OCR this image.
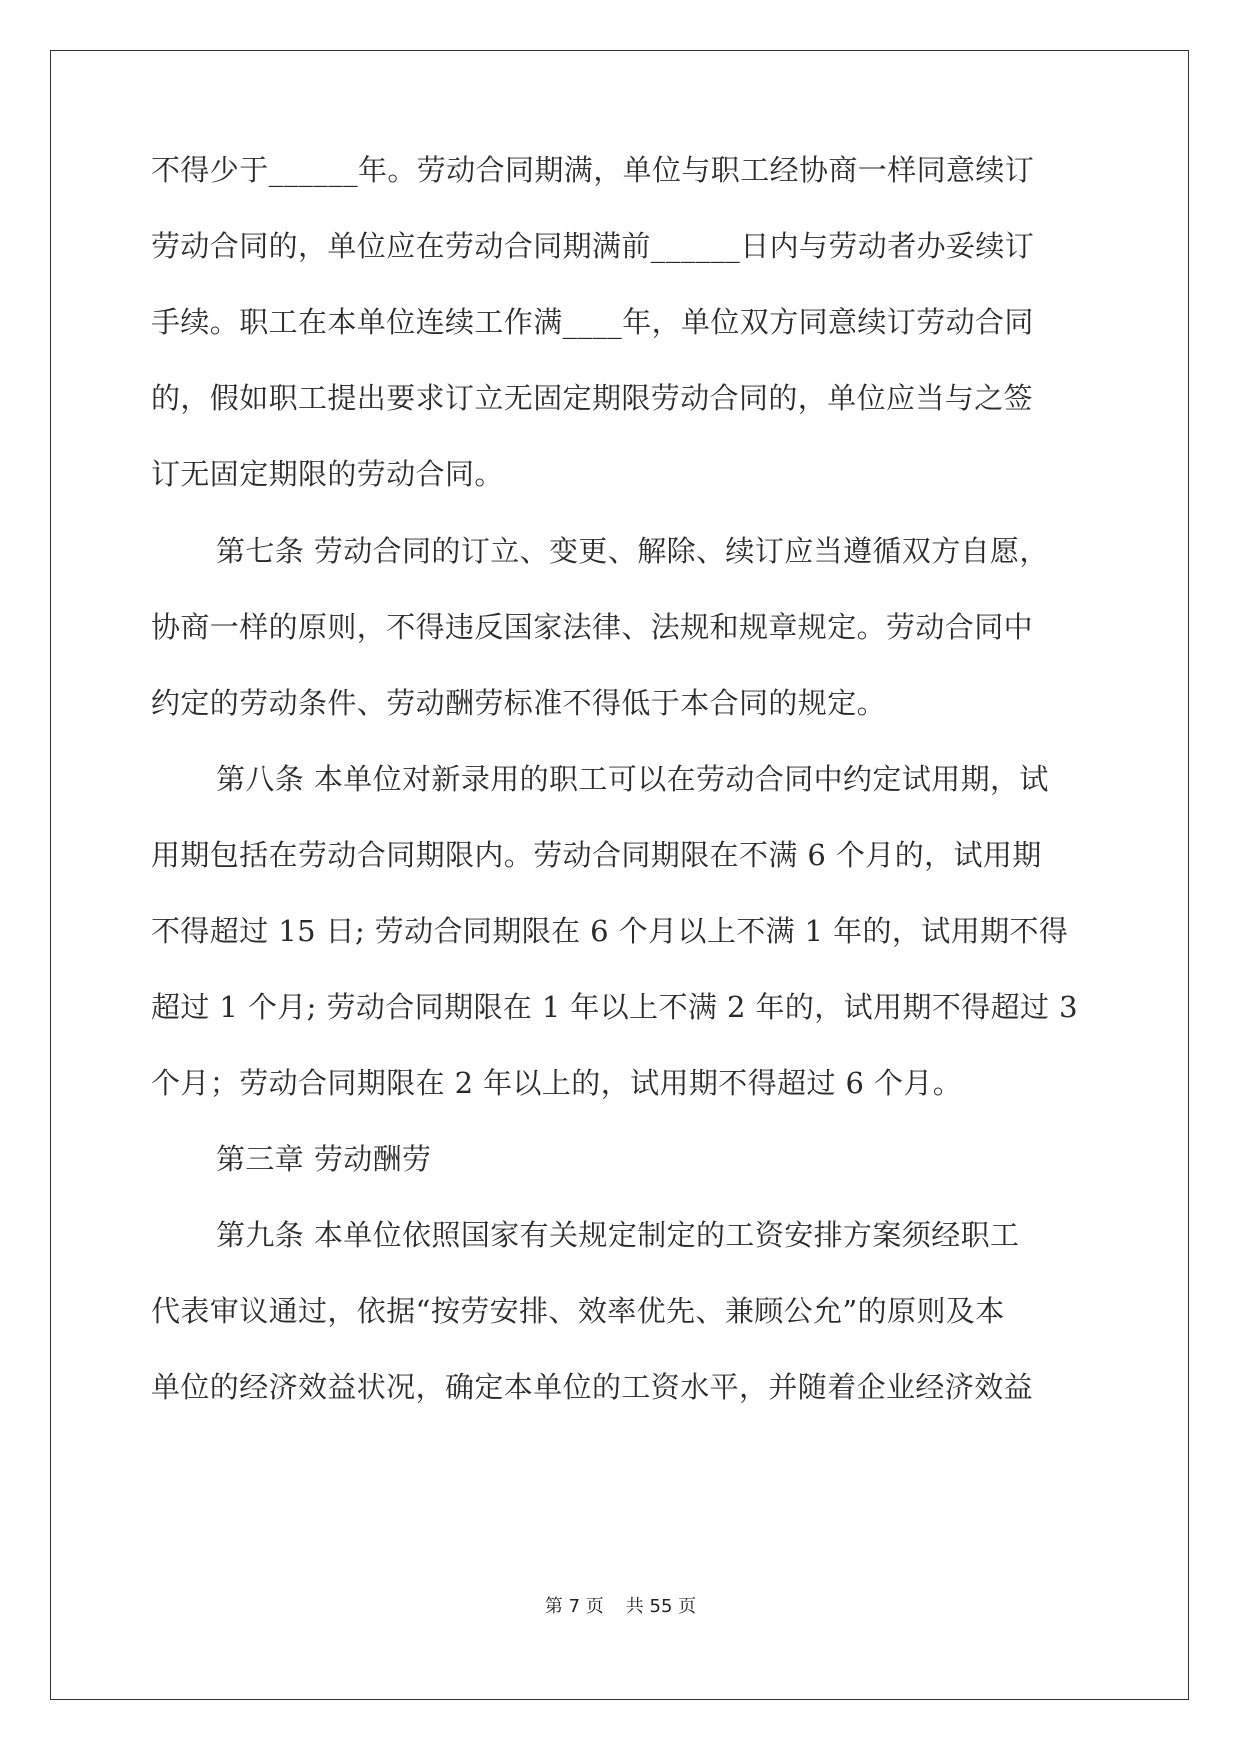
不得少于______年。劳动合同期满，单位与职工经协商一样同意续订
劳动合同的，单位应在劳动合同期满前______日内与劳动者办妥续订
手续。职工在本单位连续工作满____年，单位双方同意续订劳动合同
的，假如职工提出要求订立无固定期限劳动合同的，单位应当与之签
订无固定期限的劳动合同。
第七条 劳动合同的订立、变更、解除、续订应当遵循双方自愿，
协商一样的原则，不得违反国家法律、法规和规章规定。劳动合同中
约定的劳动条件、劳动酬劳标准不得低于本合同的规定。
第八条 本单位对新录用的职工可以在劳动合同中约定试用期，试
用期包括在劳动合同期限内。劳动合同期限在不满 6 个月的，试用期
不得超过 15 日; 劳动合同期限在 6 个月以上不满 1 年的，试用期不得
超过 1 个月; 劳动合同期限在 1 年以上不满 2 年的，试用期不得超过 3
个月；劳动合同期限在 2 年以上的，试用期不得超过 6 个月。
第三章 劳动酬劳
第九条 本单位依照国家有关规定制定的工资安排方案须经职工
代表审议通过，依据“按劳安排、效率优先、兼顾公允”的原则及本
单位的经济效益状况，确定本单位的工资水平，并随着企业经济效益
第 7 页 共 55 页
